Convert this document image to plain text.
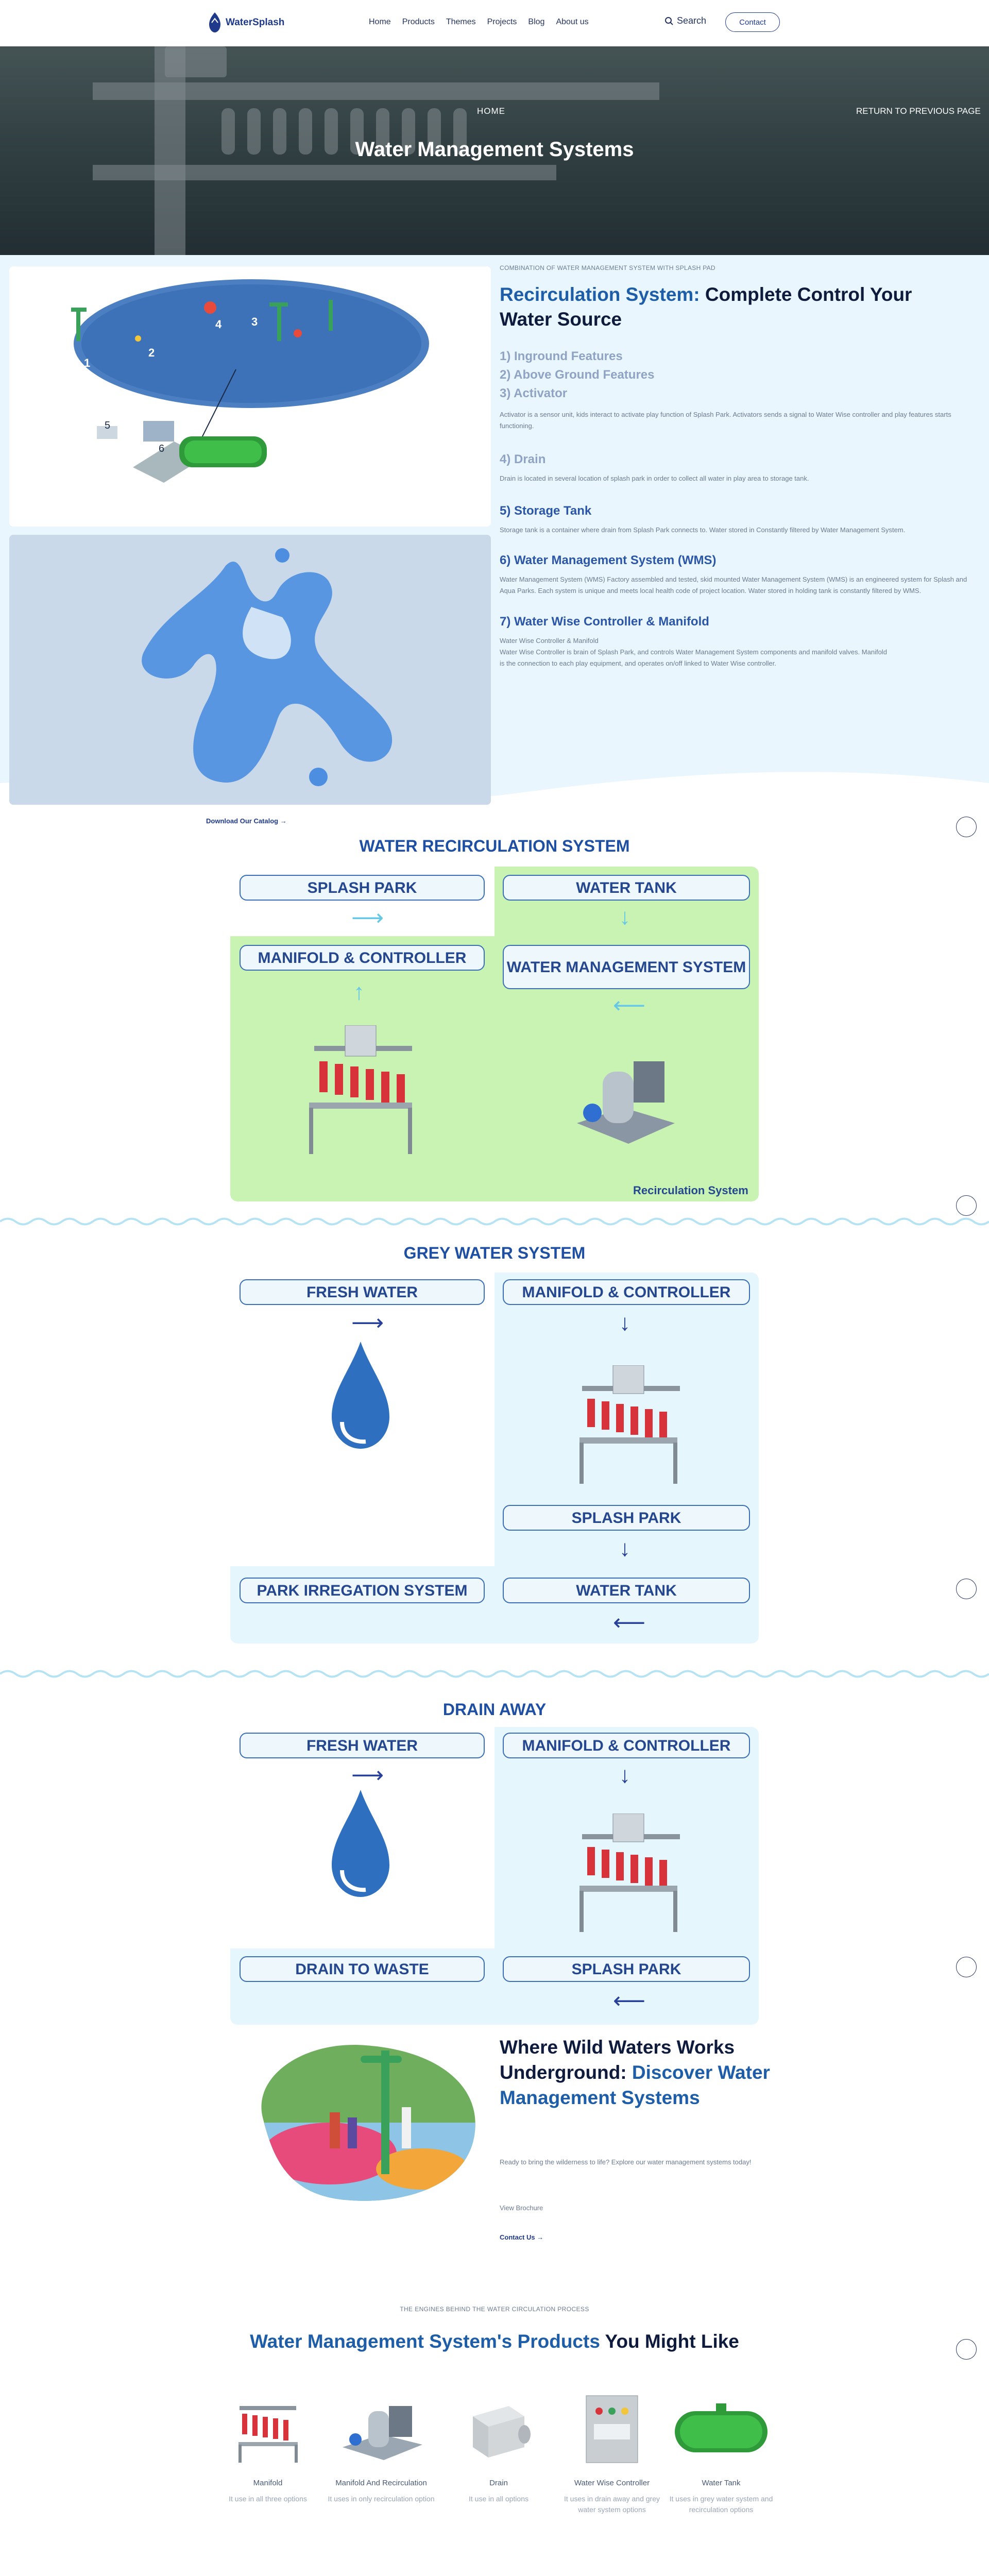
WaterSplash	Home Products Themes Projects Blog About us	Search	Contact
HOME	RETURN TO PREVIOUS PAGE
Water Management Systems
1
2
3
4
5
6
COMBINATION OF WATER MANAGEMENT SYSTEM WITH SPLASH PAD
Recirculation System: Complete Control Your Water Source
1) Inground Features
2) Above Ground Features
3) Activator
Activator is a sensor unit, kids interact to activate play function of Splash Park. Activators sends a signal to Water Wise controller and play features starts functioning.
4) Drain
Drain is located in several location of splash park in order to collect all water in play area to storage tank.
5) Storage Tank
Storage tank is a container where drain from Splash Park connects to. Water stored in Constantly filtered by Water Management System.
6) Water Management System (WMS)
Water Management System (WMS) Factory assembled and tested, skid mounted Water Management System (WMS) is an engineered system for Splash and Aqua Parks. Each system is unique and meets local health code of project location. Water stored in holding tank is constantly filtered by WMS.
7) Water Wise Controller & Manifold
Water Wise Controller & Manifold
Water Wise Controller is brain of Splash Park, and controls Water Management System components and manifold valves. Manifold is the connection to each play equipment, and operates on/off linked to Water Wise controller.
Download Our Catalog →
WATER RECIRCULATION SYSTEM
SPLASH PARK	WATER TANK
⟶	↓
MANIFOLD & CONTROLLER
WATER MANAGEMENT SYSTEM
↑
⟵
Recirculation System
GREY WATER SYSTEM
FRESH WATER	MANIFOLD & CONTROLLER
⟶	↓
SPLASH PARK
↓
PARK IRREGATION SYSTEM	WATER TANK
⟵
DRAIN AWAY
FRESH WATER	MANIFOLD & CONTROLLER
⟶	↓
DRAIN TO WASTE	SPLASH PARK
⟵
Where Wild Waters Works Underground: Discover Water Management Systems
Ready to bring the wilderness to life? Explore our water management systems today!
View Brochure
Contact Us →
THE ENGINES BEHIND THE WATER CIRCULATION PROCESS
Water Management System's Products You Might Like
Manifold
It use in all three options
Manifold And Recirculation
It uses in only recirculation option
Drain
It use in all options
Water Wise Controller
It uses in drain away and grey water system options
Water Tank
It uses in grey water system and recirculation options
